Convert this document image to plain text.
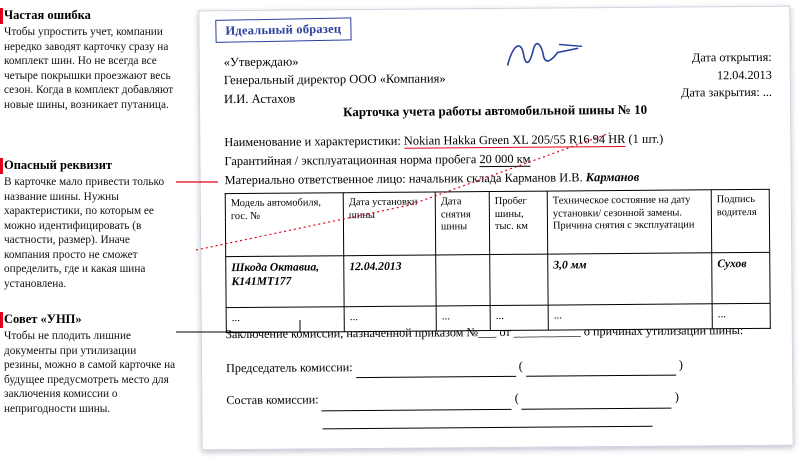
Частая ошибка
Чтобы упростить учет, компании нередко заводят карточку сразу на комплект шин. Но не всегда все четыре покрышки проезжают весь сезон. Когда в комплект добавляют новые шины, возникает путаница.
Опасный реквизит
В карточке мало привести только название шины. Нужны характеристики, по которым ее можно идентифицировать (в частности, размер). Иначе компания просто не сможет определить, где и какая шина установлена.
Совет «УНП»
Чтобы не плодить лишние документы при утилизации резины, можно в самой карточке на будущее предусмотреть место для заключения комиссии о непригодности шины.
Идеальный образец
«Утверждаю»
Генеральный директор ООО «Компания»
И.И. Астахов
Дата открытия:
12.04.2013
Дата закрытия: ...
Карточка учета работы автомобильной шины № 10
Наименование и характеристики: Nokian Hakka Green XL 205/55 R16 94 HR (1 шт.)
Гарантийная / эксплуатационная норма пробега 20 000 км
Материально ответственное лицо: начальник склада Карманов И.В. Карманов
Модель автомобиля, гос. №	Дата установки шины	Дата снятия шины	Пробег шины, тыс. км	Техническое состояние на дату установки/ сезонной замены. Причина снятия с эксплуатации	Подпись водителя
Шкода Октавиа, К141МТ177	12.04.2013			3,0 мм	Сухов
...	...	...	...	...	...
Заключение комиссии, назначенной приказом №___ от ___________ о причинах утилизации шины:
Председатель комиссии:	(	)
Состав комиссии:	(	)
